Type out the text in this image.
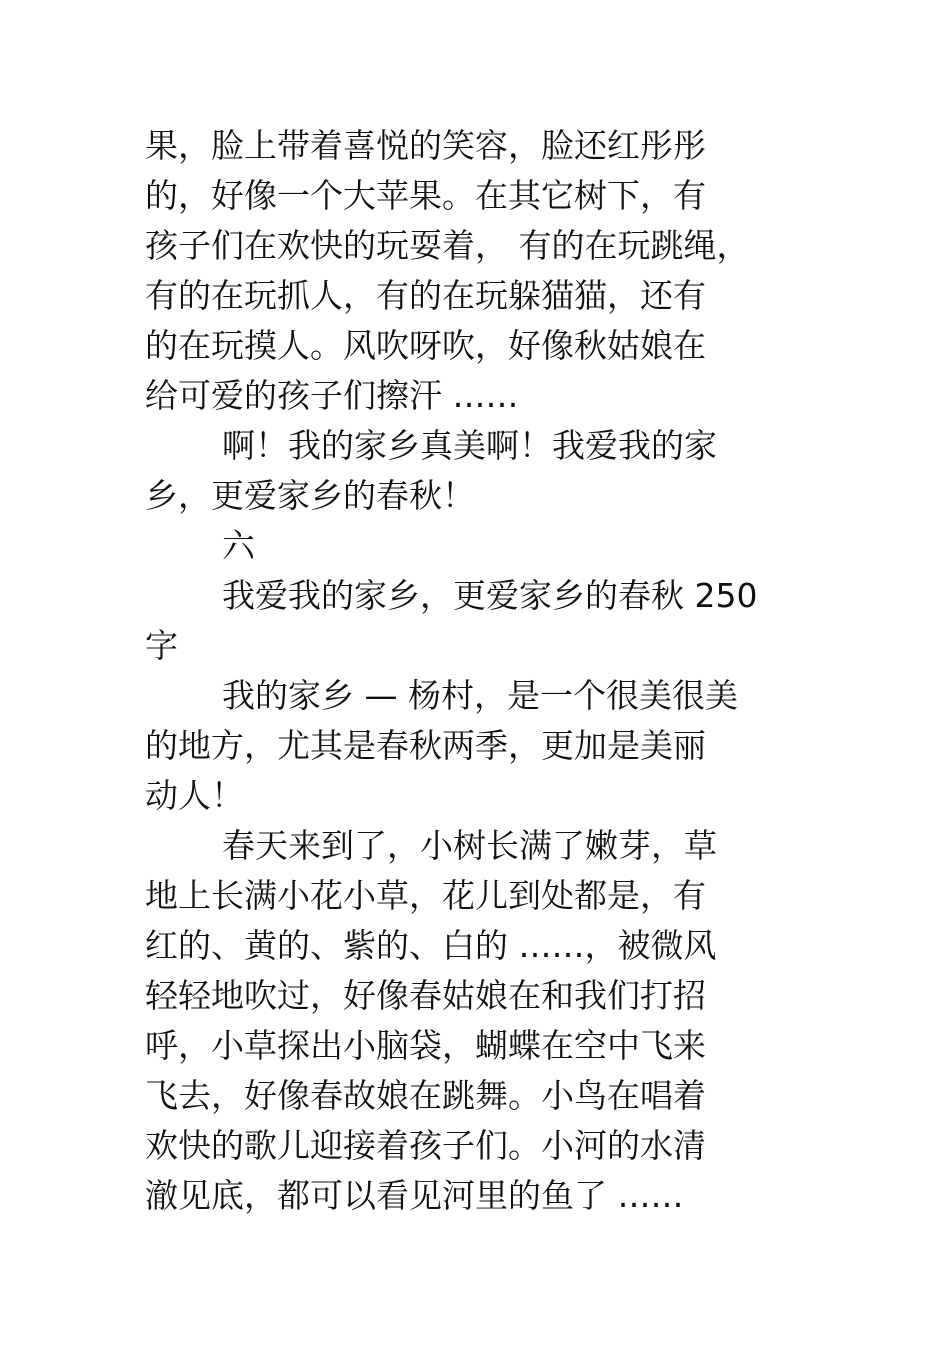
果，脸上带着喜悦的笑容，脸还红彤彤
的，好像一个大苹果。在其它树下，有
孩子们在欢快的玩耍着， 有的在玩跳绳，
有的在玩抓人，有的在玩躲猫猫，还有
的在玩摸人。风吹呀吹，好像秋姑娘在
给可爱的孩子们擦汗 ……
啊！我的家乡真美啊！我爱我的家
乡，更爱家乡的春秋！
六
我爱我的家乡，更爱家乡的春秋 250
字
我的家乡 — 杨村，是一个很美很美
的地方，尤其是春秋两季，更加是美丽
动人！
春天来到了，小树长满了嫩芽，草
地上长满小花小草，花儿到处都是，有
红的、黄的、紫的、白的 ……，被微风
轻轻地吹过，好像春姑娘在和我们打招
呼，小草探出小脑袋，蝴蝶在空中飞来
飞去，好像春故娘在跳舞。小鸟在唱着
欢快的歌儿迎接着孩子们。小河的水清
澈见底，都可以看见河里的鱼了 ……
